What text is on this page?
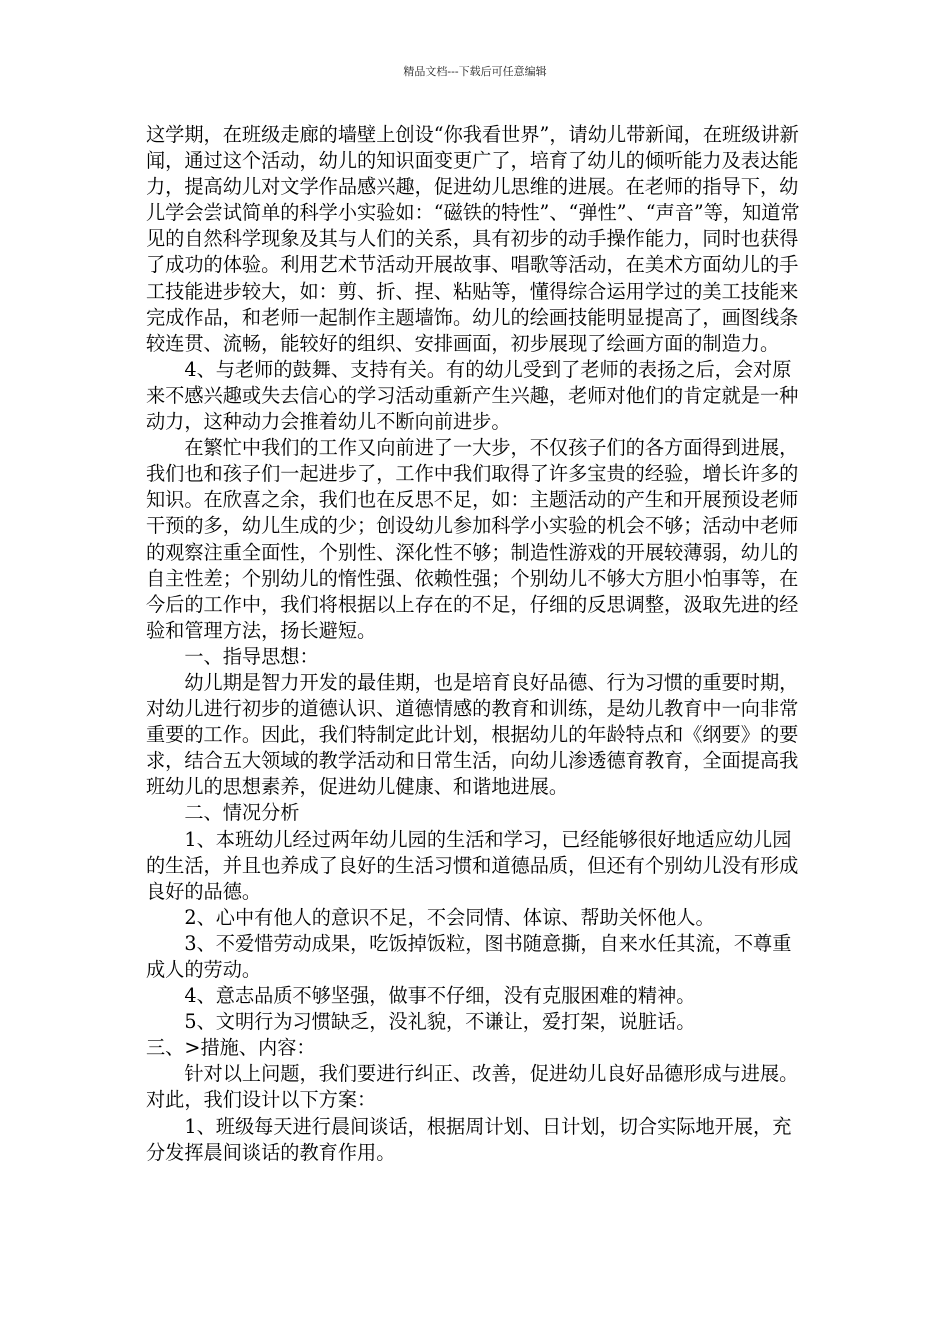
精品文档---下载后可任意编辑

这学期，在班级走廊的墙壁上创设“你我看世界”，请幼儿带新闻，在班级讲新闻，通过这个活动，幼儿的知识面变更广了，培育了幼儿的倾听能力及表达能力，提高幼儿对文学作品感兴趣，促进幼儿思维的进展。在老师的指导下，幼儿学会尝试简单的科学小实验如：“磁铁的特性”、“弹性”、“声音”等，知道常见的自然科学现象及其与人们的关系，具有初步的动手操作能力，同时也获得了成功的体验。利用艺术节活动开展故事、唱歌等活动，在美术方面幼儿的手工技能进步较大，如：剪、折、捏、粘贴等，懂得综合运用学过的美工技能来完成作品，和老师一起制作主题墙饰。幼儿的绘画技能明显提高了，画图线条较连贯、流畅，能较好的组织、安排画面，初步展现了绘画方面的制造力。

　　4、与老师的鼓舞、支持有关。有的幼儿受到了老师的表扬之后，会对原来不感兴趣或失去信心的学习活动重新产生兴趣，老师对他们的肯定就是一种动力，这种动力会推着幼儿不断向前进步。

　　在繁忙中我们的工作又向前进了一大步，不仅孩子们的各方面得到进展，我们也和孩子们一起进步了，工作中我们取得了许多宝贵的经验，增长许多的知识。在欣喜之余，我们也在反思不足，如：主题活动的产生和开展预设老师干预的多，幼儿生成的少；创设幼儿参加科学小实验的机会不够；活动中老师的观察注重全面性，个别性、深化性不够；制造性游戏的开展较薄弱，幼儿的自主性差；个别幼儿的惰性强、依赖性强；个别幼儿不够大方胆小怕事等，在今后的工作中，我们将根据以上存在的不足，仔细的反思调整，汲取先进的经验和管理方法，扬长避短。

　　一、指导思想：

　　幼儿期是智力开发的最佳期，也是培育良好品德、行为习惯的重要时期，对幼儿进行初步的道德认识、道德情感的教育和训练，是幼儿教育中一向非常重要的工作。因此，我们特制定此计划，根据幼儿的年龄特点和《纲要》的要求，结合五大领域的教学活动和日常生活，向幼儿渗透德育教育，全面提高我班幼儿的思想素养，促进幼儿健康、和谐地进展。

　　二、情况分析

　　1、本班幼儿经过两年幼儿园的生活和学习，已经能够很好地适应幼儿园的生活，并且也养成了良好的生活习惯和道德品质，但还有个别幼儿没有形成良好的品德。

　　2、心中有他人的意识不足，不会同情、体谅、帮助关怀他人。

　　3、不爱惜劳动成果，吃饭掉饭粒，图书随意撕，自来水任其流，不尊重成人的劳动。

　　4、意志品质不够坚强，做事不仔细，没有克服困难的精神。

　　5、文明行为习惯缺乏，没礼貌，不谦让，爱打架，说脏话。

三、>措施、内容：

　　针对以上问题，我们要进行纠正、改善，促进幼儿良好品德形成与进展。对此，我们设计以下方案：

　　1、班级每天进行晨间谈话，根据周计划、日计划，切合实际地开展，充分发挥晨间谈话的教育作用。
